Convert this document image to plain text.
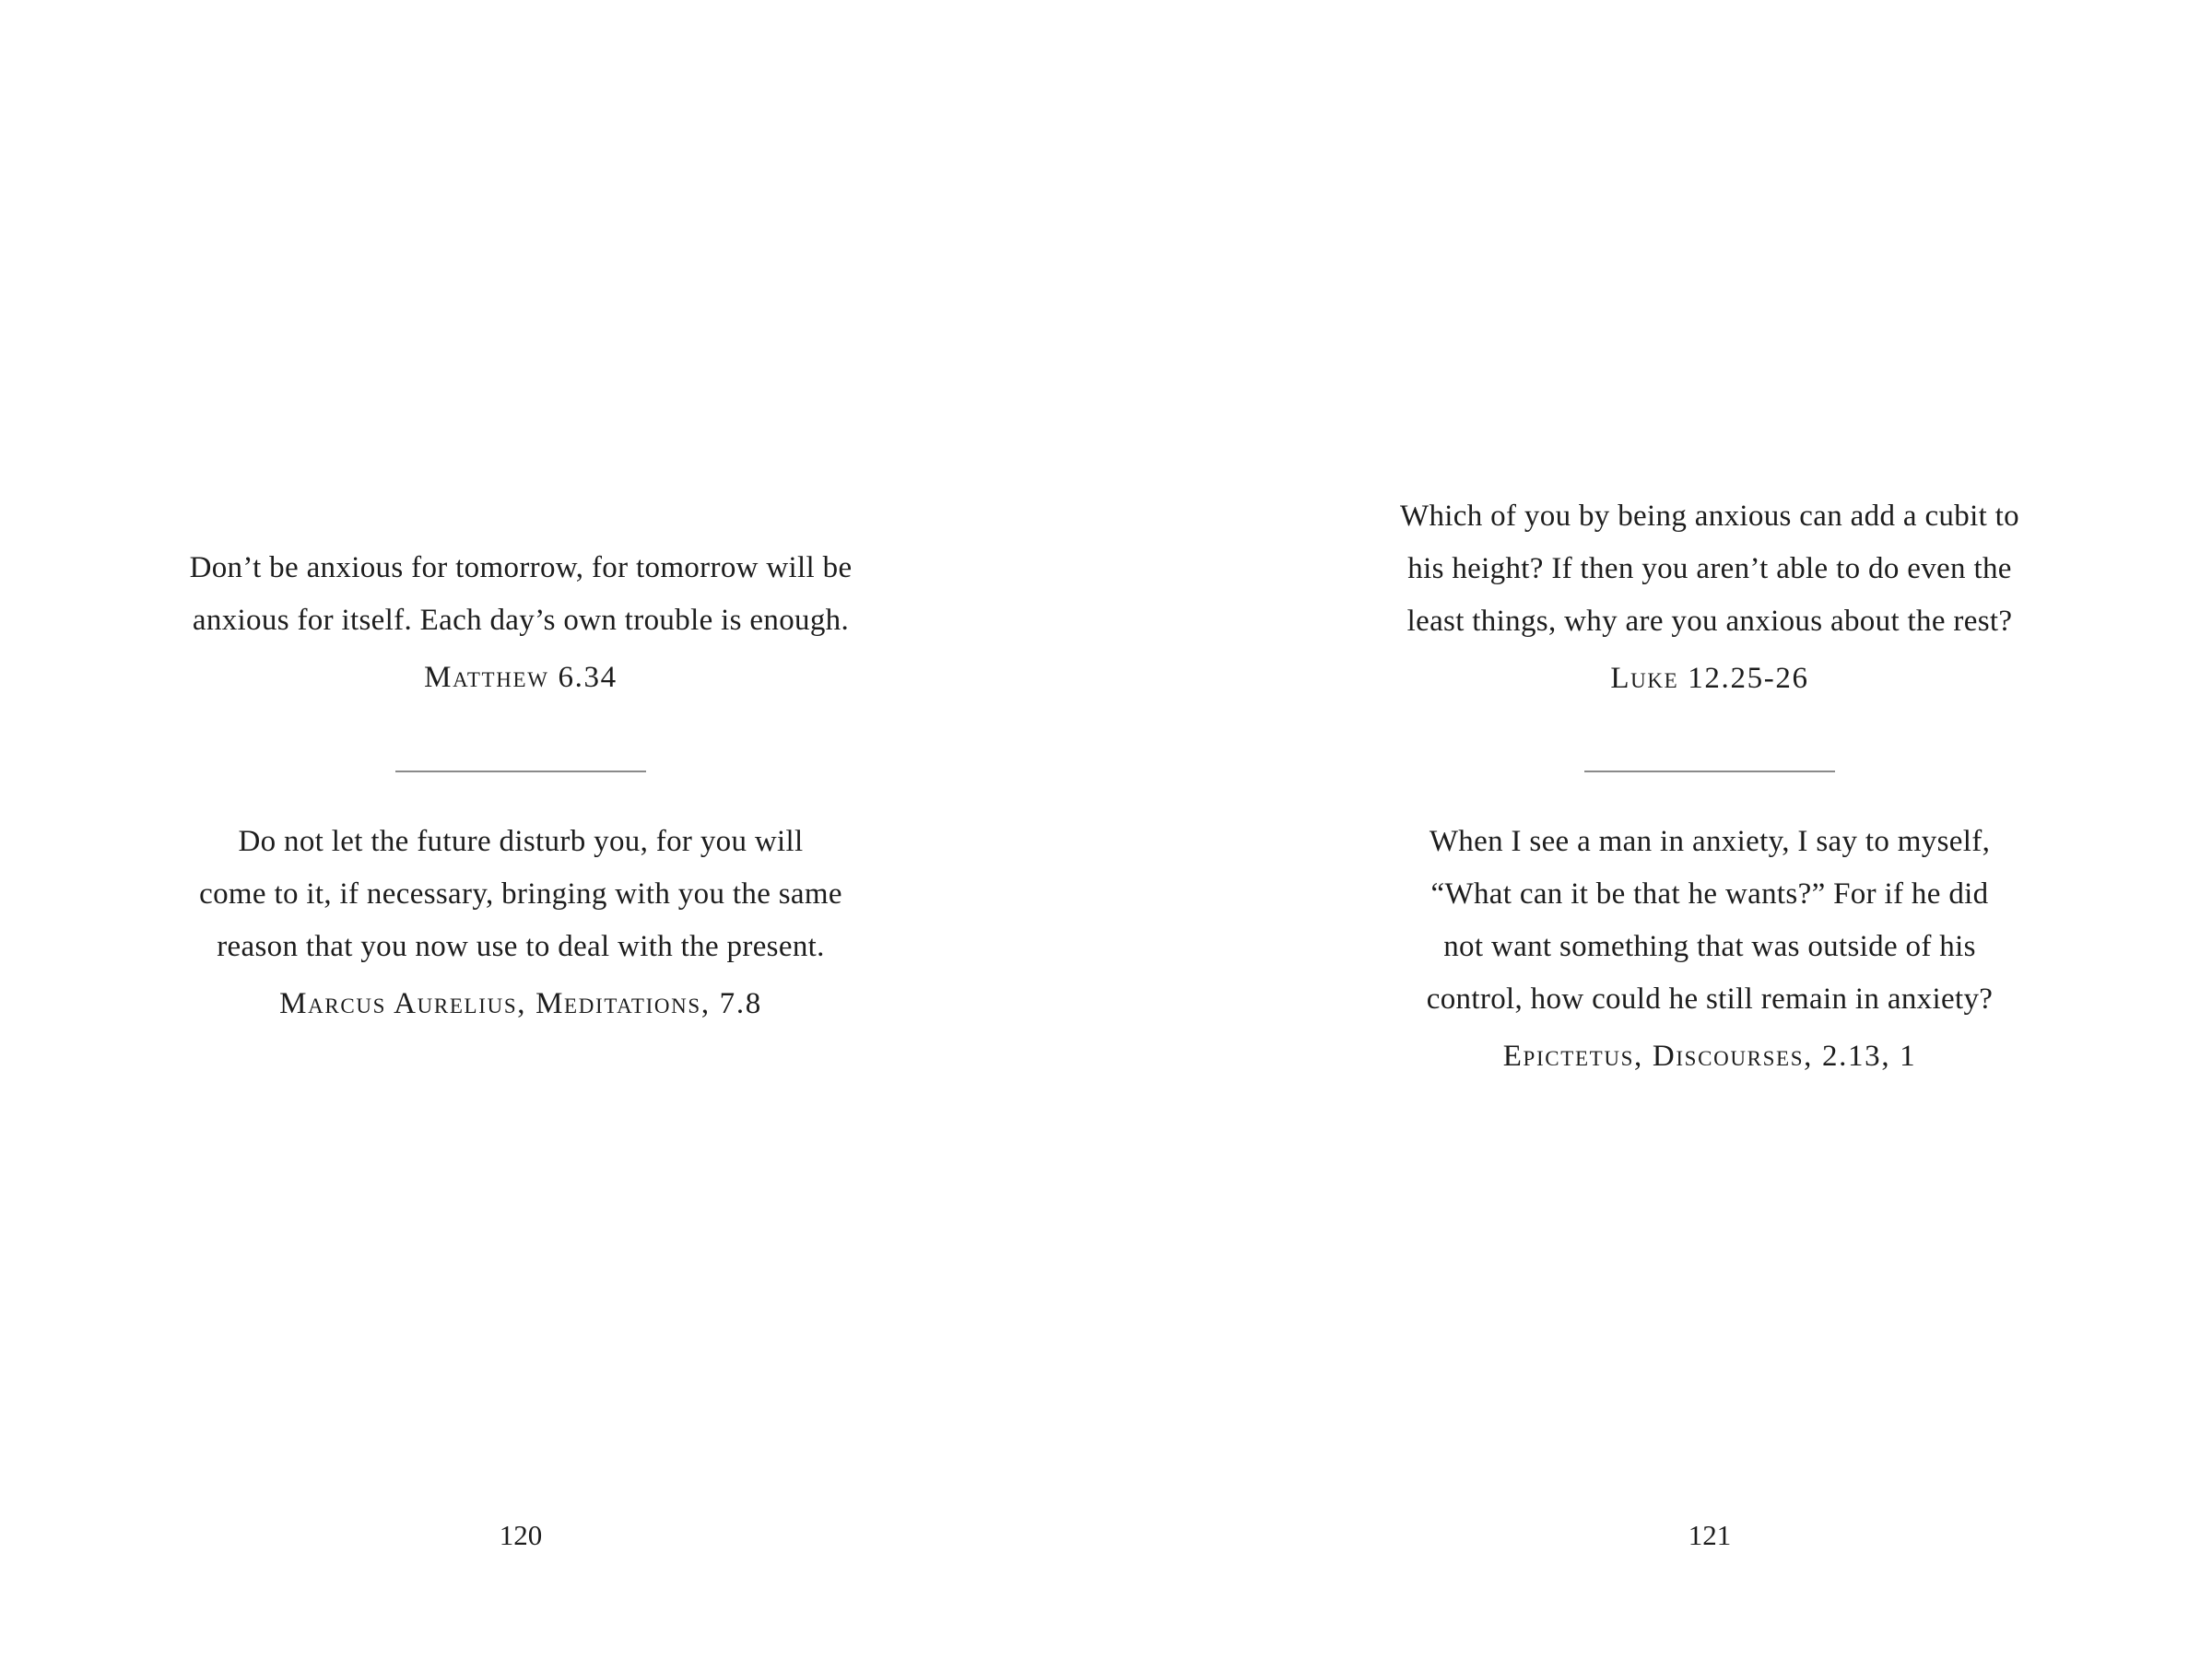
Don’t be anxious for tomorrow, for tomorrow will be
anxious for itself. Each day’s own trouble is enough.
Matthew 6.34
Do not let the future disturb you, for you will
come to it, if necessary, bringing with you the same
reason that you now use to deal with the present.
Marcus Aurelius, Meditations, 7.8
120
Which of you by being anxious can add a cubit to
his height? If then you aren’t able to do even the
least things, why are you anxious about the rest?
Luke 12.25-26
When I see a man in anxiety, I say to myself,
“What can it be that he wants?” For if he did
not want something that was outside of his
control, how could he still remain in anxiety?
Epictetus, Discourses, 2.13, 1
121
